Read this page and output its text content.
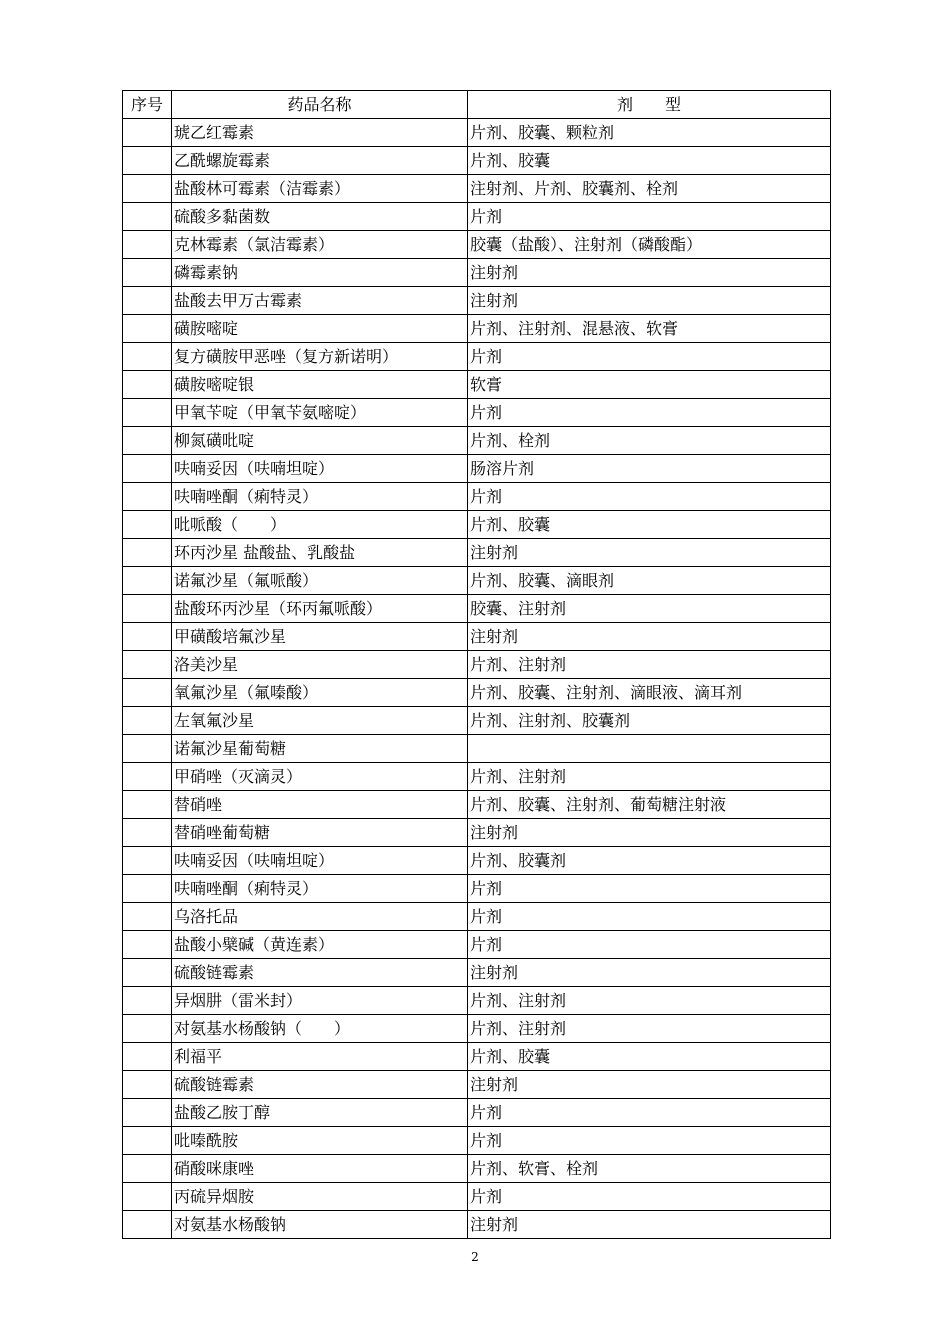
序号	药品名称	剂　　型
	琥乙红霉素	片剂、胶囊、颗粒剂
	乙酰螺旋霉素	片剂、胶囊
	盐酸林可霉素（洁霉素）	注射剂、片剂、胶囊剂、栓剂
	硫酸多黏菌数	片剂
	克林霉素（氯洁霉素）	胶囊（盐酸）、注射剂（磷酸酯）
	磷霉素钠	注射剂
	盐酸去甲万古霉素	注射剂
	磺胺嘧啶	片剂、注射剂、混悬液、软膏
	复方磺胺甲恶唑（复方新诺明）	片剂
	磺胺嘧啶银	软膏
	甲氧苄啶（甲氧苄氨嘧啶）	片剂
	柳氮磺吡啶	片剂、栓剂
	呋喃妥因（呋喃坦啶）	肠溶片剂
	呋喃唑酮（痢特灵）	片剂
	吡哌酸（　　）	片剂、胶囊
	环丙沙星 盐酸盐、乳酸盐	注射剂
	诺氟沙星（氟哌酸）	片剂、胶囊、滴眼剂
	盐酸环丙沙星（环丙氟哌酸）	胶囊、注射剂
	甲磺酸培氟沙星	注射剂
	洛美沙星	片剂、注射剂
	氧氟沙星（氟嗪酸）	片剂、胶囊、注射剂、滴眼液、滴耳剂
	左氧氟沙星	片剂、注射剂、胶囊剂
	诺氟沙星葡萄糖	
	甲硝唑（灭滴灵）	片剂、注射剂
	替硝唑	片剂、胶囊、注射剂、葡萄糖注射液
	替硝唑葡萄糖	注射剂
	呋喃妥因（呋喃坦啶）	片剂、胶囊剂
	呋喃唑酮（痢特灵）	片剂
	乌洛托品	片剂
	盐酸小檗碱（黄连素）	片剂
	硫酸链霉素	注射剂
	异烟肼（雷米封）	片剂、注射剂
	对氨基水杨酸钠（　　）	片剂、注射剂
	利福平	片剂、胶囊
	硫酸链霉素	注射剂
	盐酸乙胺丁醇	片剂
	吡嗪酰胺	片剂
	硝酸咪康唑	片剂、软膏、栓剂
	丙硫异烟胺	片剂
	对氨基水杨酸钠	注射剂
2
